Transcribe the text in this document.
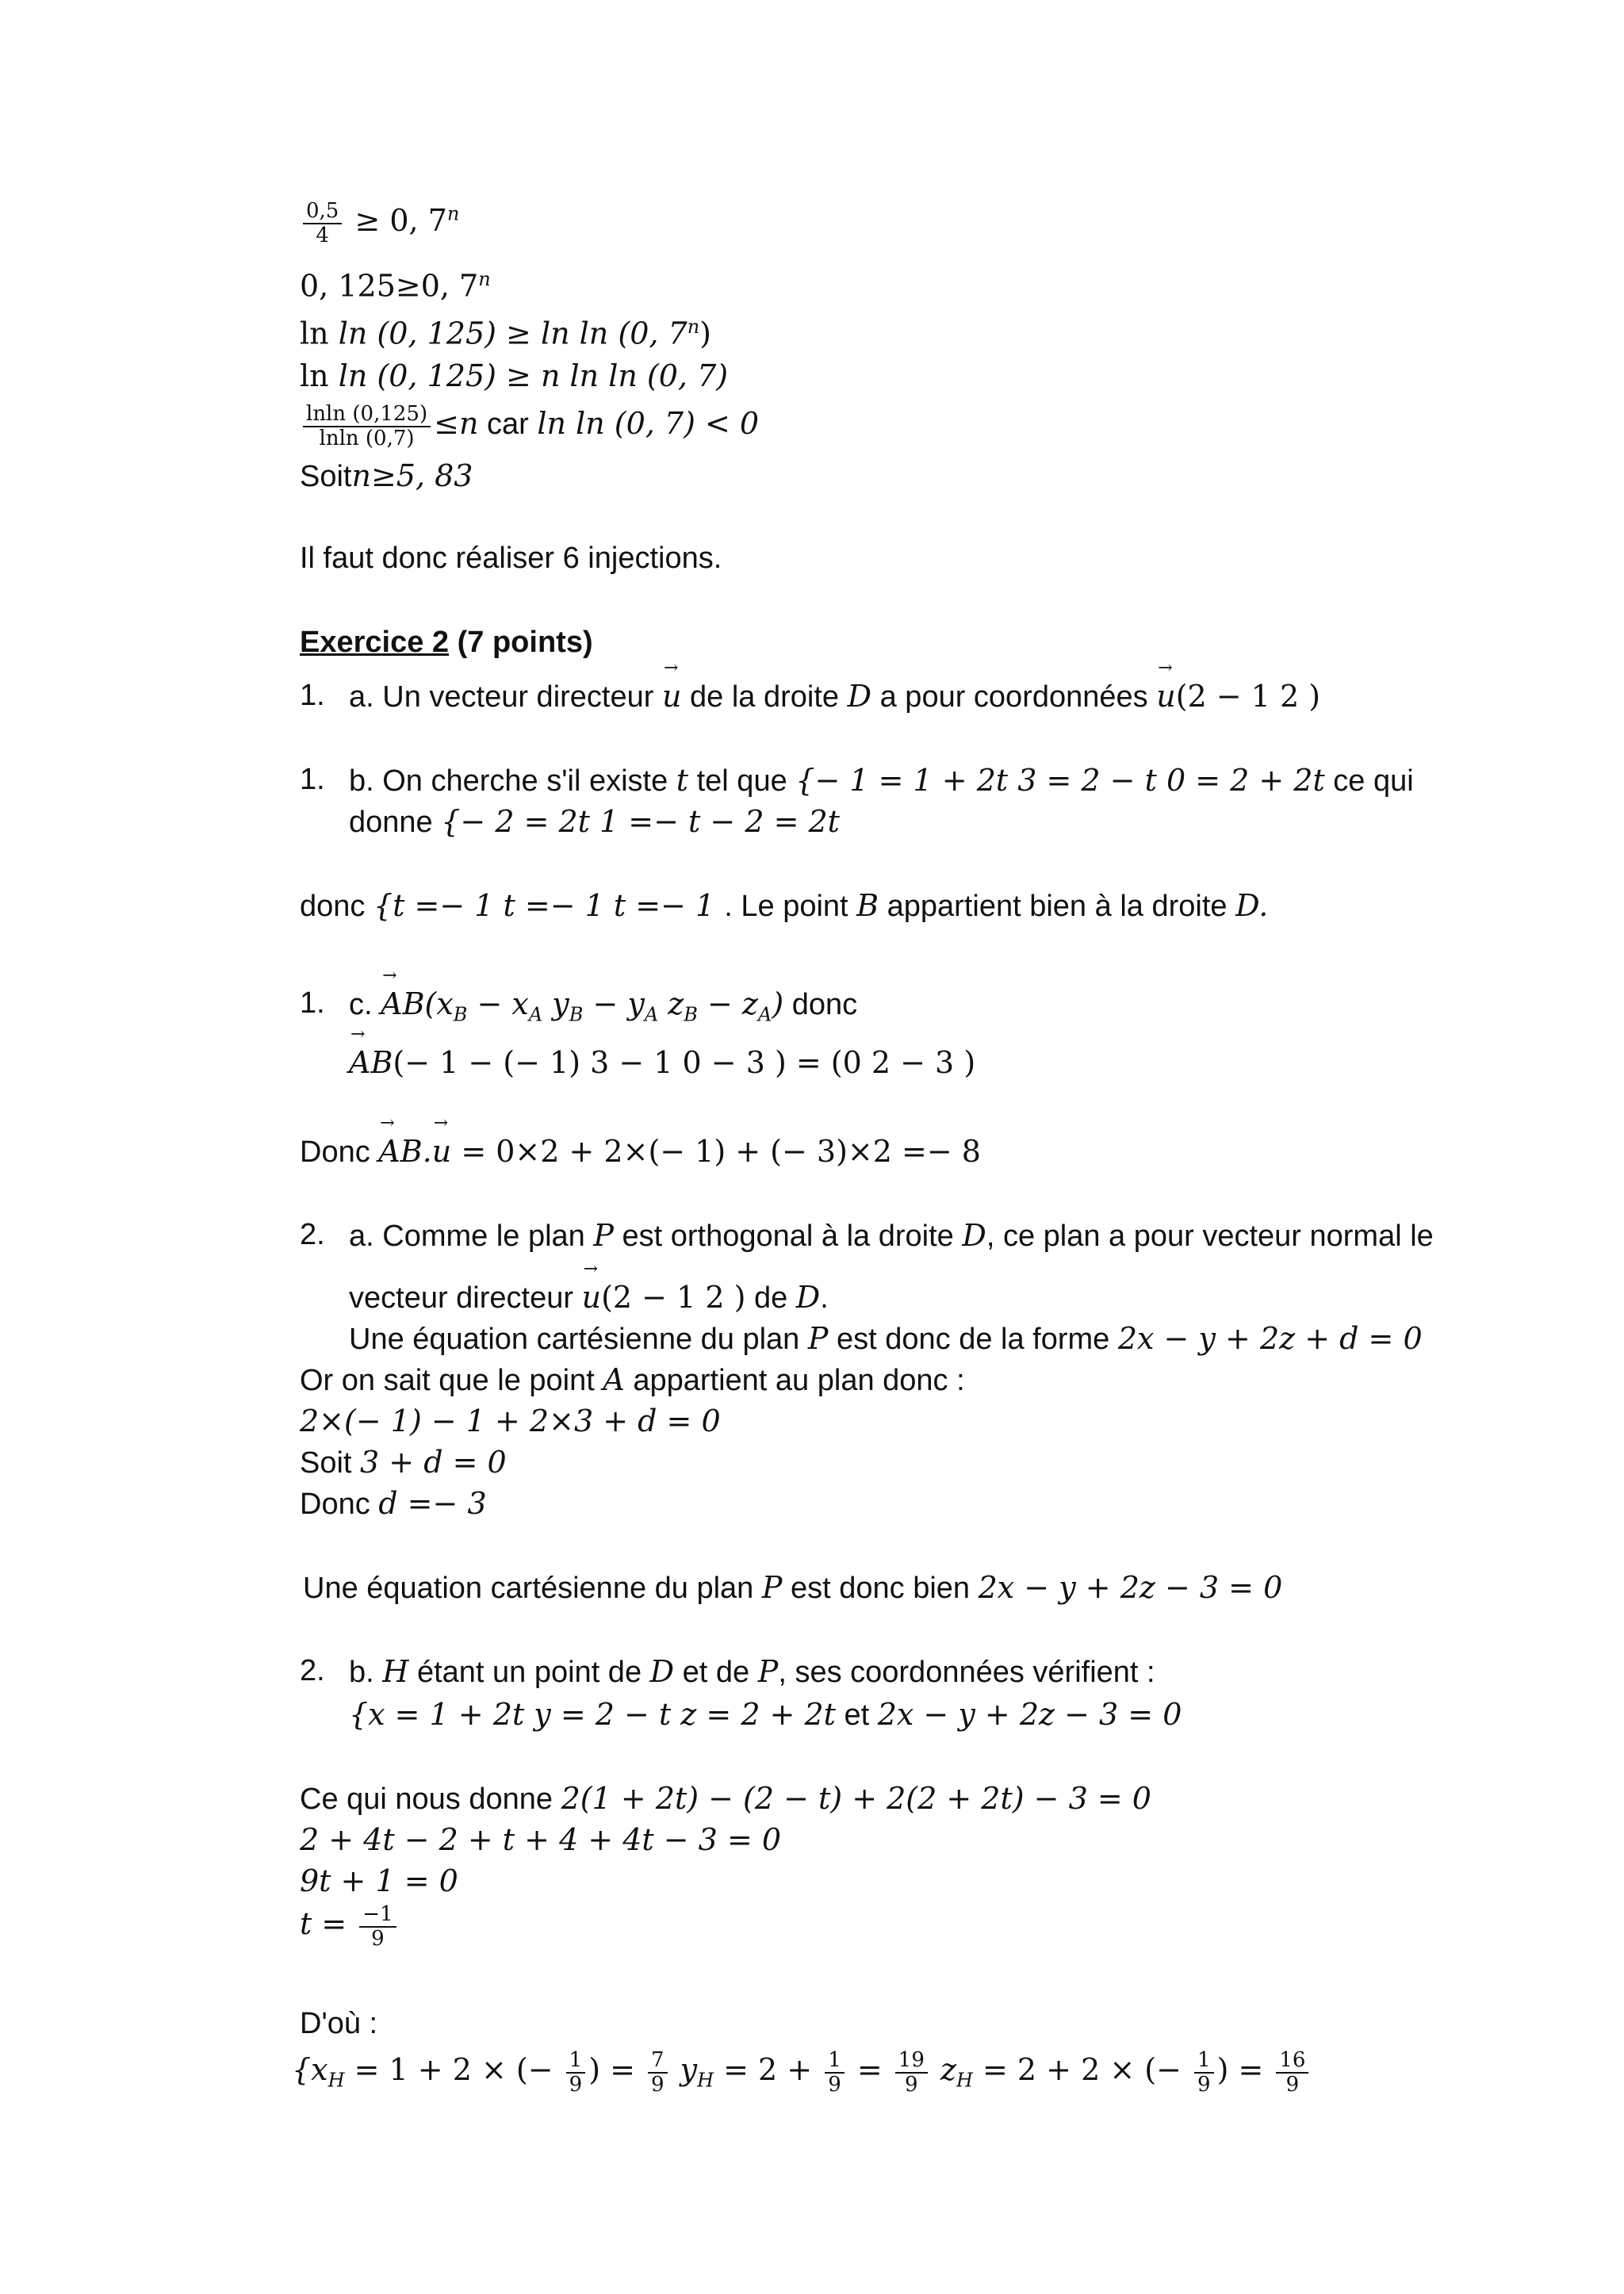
$\frac{0,5}{4} \ge 0$, 7$^n$
0, 125≥0, 7$^n$
ln ln (0, 125) ≥ ln ln (0, 7$^n$)
ln ln (0, 125) ≥ n ln ln (0, 7)
$\frac{lnln (0,125)}{lnln (0,7)} \le n$ car ln ln (0, 7) < 0
Soitn≥5, 83
Il faut donc réaliser 6 injections.
Exercice 2 (7 points)
1. a. Un vecteur directeur → u de la droite D a pour coordonnées → u(2 − 1 2 )
1. b. On cherche s'il existe t tel que {− 1 = 1 + 2t 3 = 2 − t 0 = 2 + 2t ce qui
donne {− 2 = 2t 1 =− t − 2 = 2t
donc {t =− 1 t =− 1 t =− 1 . Le point B appartient bien à la droite D.
1. c. → $AB(x_B - x_A$ $y_B - y_A$ $z_B - z_A$) donc
→ AB(− 1 − (− 1) 3 − 1 0 − 3 ) = (0 2 − 3 )
Donc → AB.→ u = 0×2 + 2×(− 1) + (− 3)×2 =− 8
2. a. Comme le plan P est orthogonal à la droite D, ce plan a pour vecteur normal le
vecteur directeur → u(2 − 1 2 ) de D.
Une équation cartésienne du plan P est donc de la forme 2x − y + 2z + d = 0
Or on sait que le point A appartient au plan donc :
2×(− 1) − 1 + 2×3 + d = 0
Soit 3 + d = 0
Donc d =− 3
Une équation cartésienne du plan P est donc bien 2x − y + 2z − 3 = 0
2. b. H étant un point de D et de P, ses coordonnées vérifient :
{x = 1 + 2t y = 2 − t z = 2 + 2t et 2x − y + 2z − 3 = 0
Ce qui nous donne 2(1 + 2t) − (2 − t) + 2(2 + 2t) − 3 = 0
2 + 4t − 2 + t + 4 + 4t − 3 = 0
9t + 1 = 0
$t = \frac{-1}{9}$
D'où :
{$x_H = 1 + 2$ × (− $\frac{1}{9}$ ) = $\frac{7}{9} y_H = 2 + \frac{1}{9} = \frac{19}{9} z_H = 2 + 2$ × (− $\frac{1}{9}$ ) = $\frac{16}{9}$
